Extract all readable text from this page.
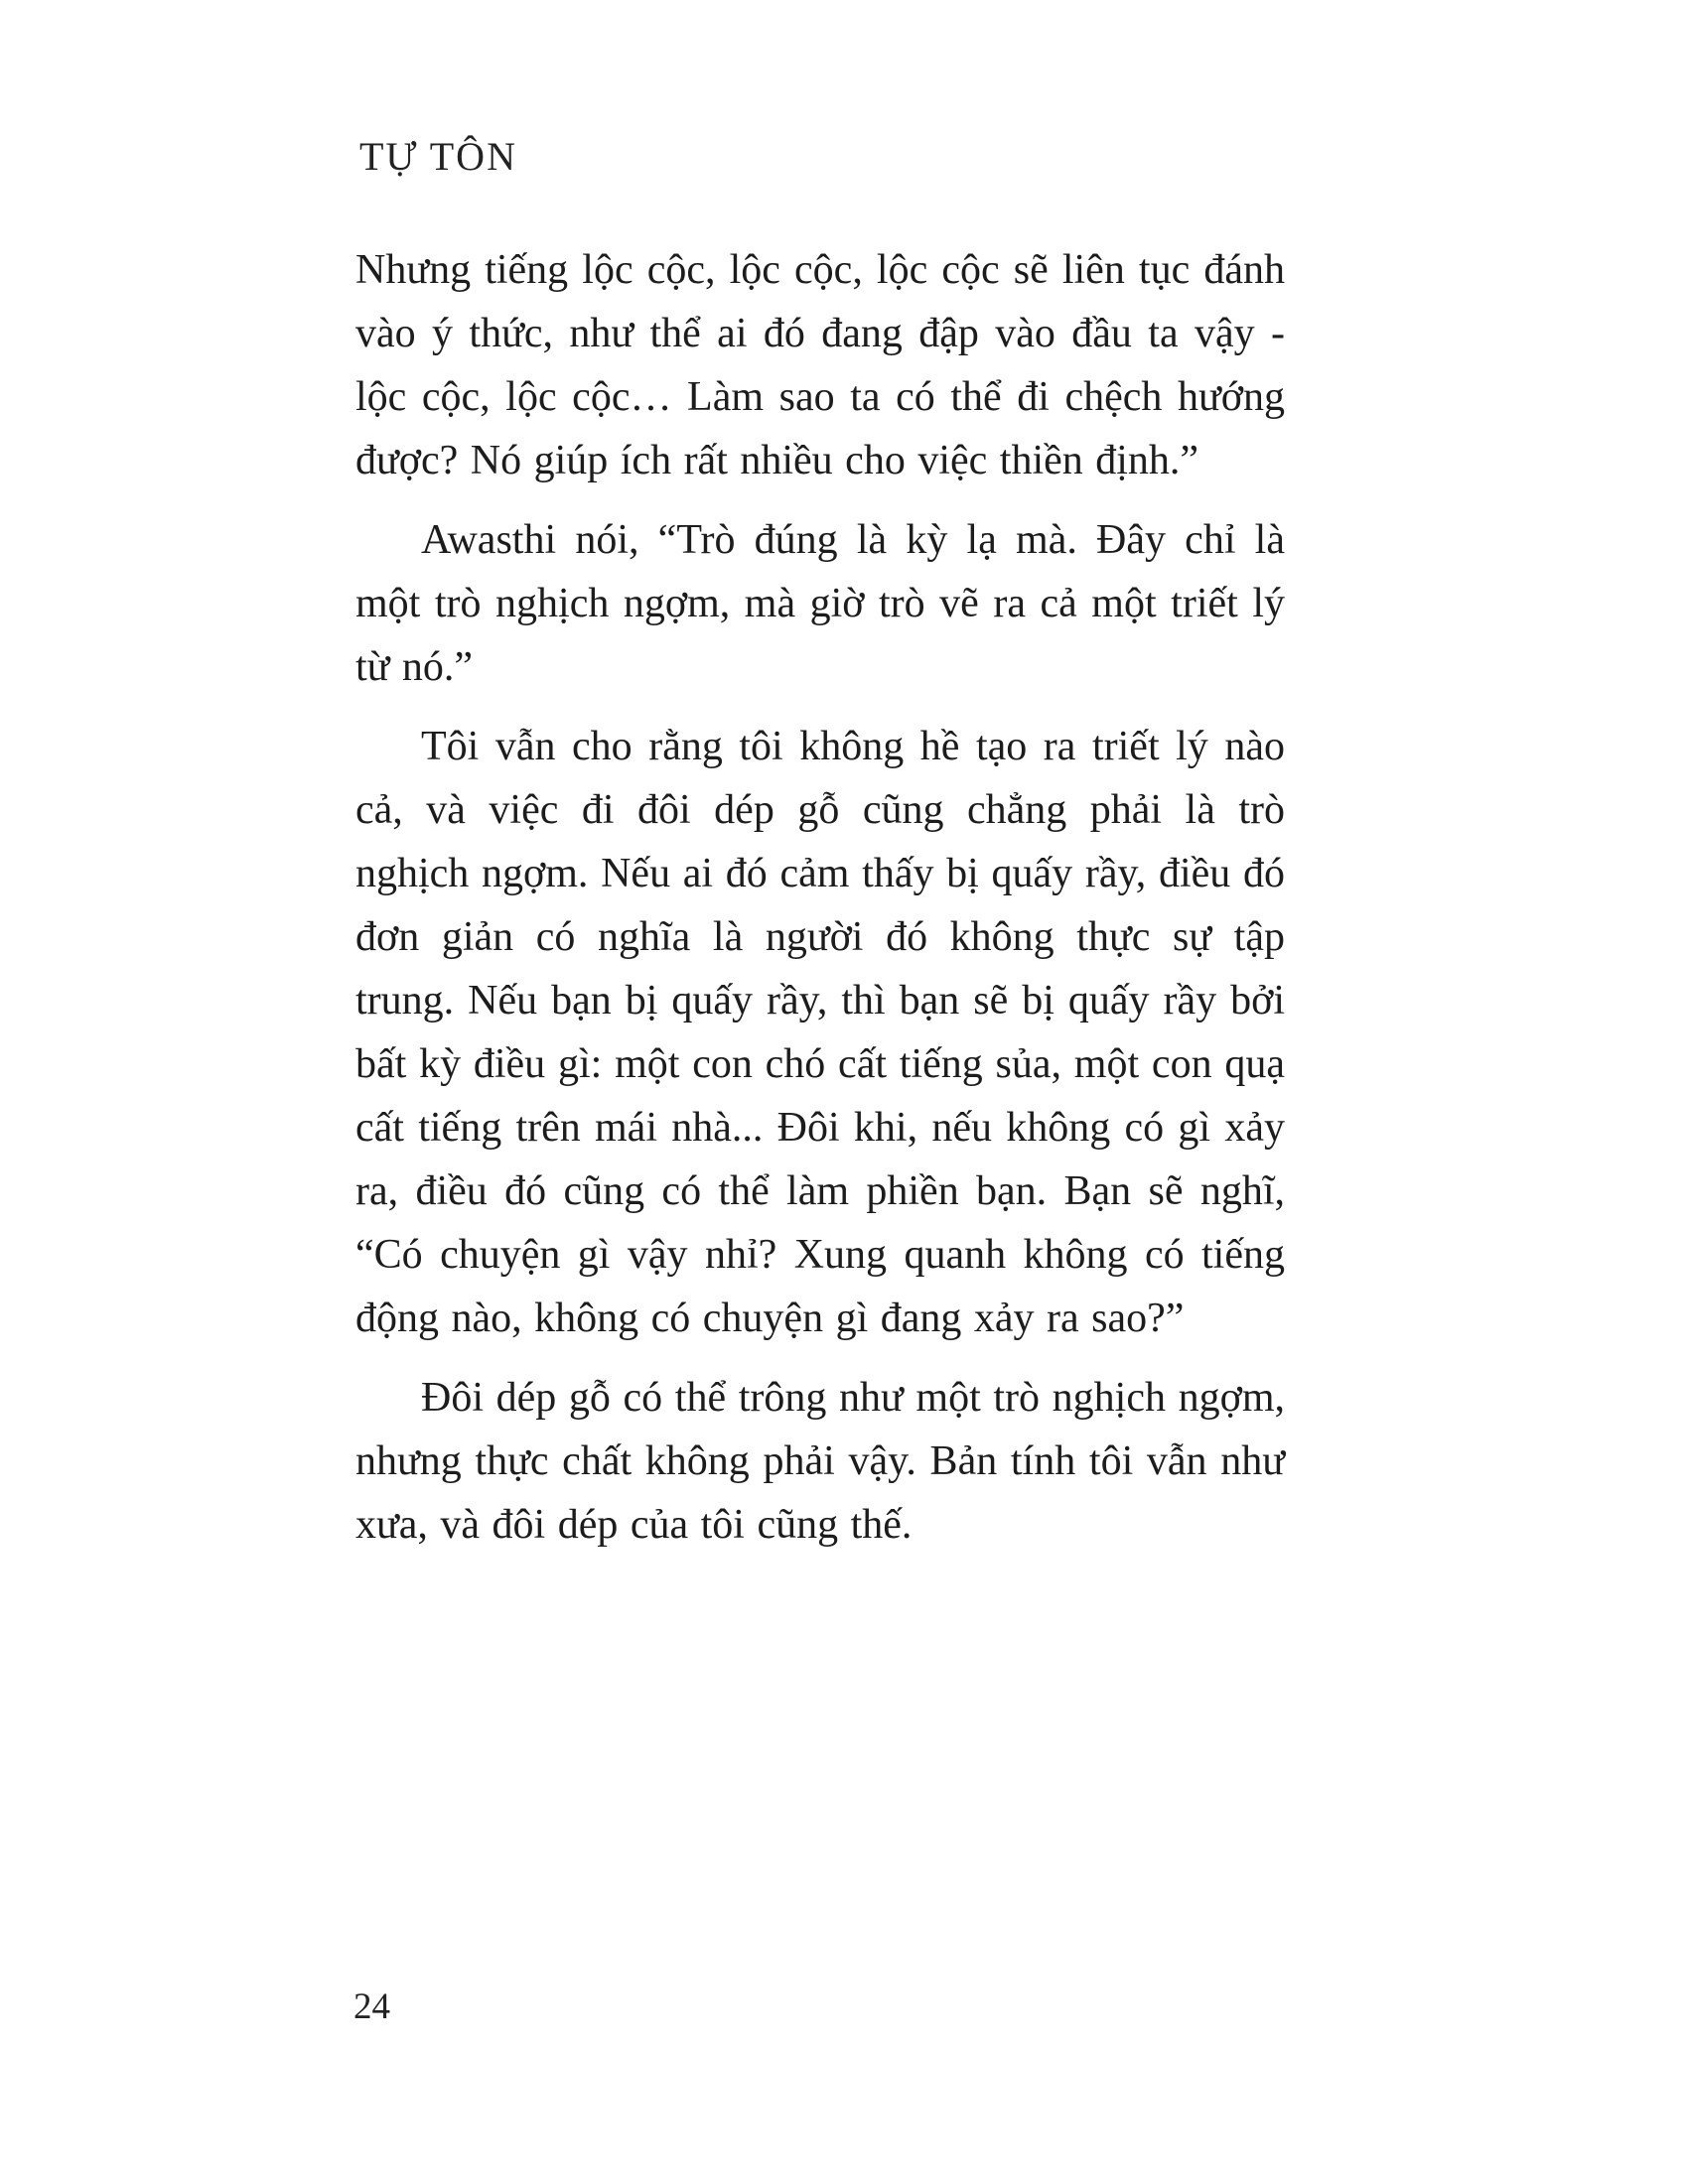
TỰ TÔN

Nhưng tiếng lộc cộc, lộc cộc, lộc cộc sẽ liên tục đánh vào ý thức, như thể ai đó đang đập vào đầu ta vậy - lộc cộc, lộc cộc… Làm sao ta có thể đi chệch hướng được? Nó giúp ích rất nhiều cho việc thiền định.”

Awasthi nói, “Trò đúng là kỳ lạ mà. Đây chỉ là một trò nghịch ngợm, mà giờ trò vẽ ra cả một triết lý từ nó.”

Tôi vẫn cho rằng tôi không hề tạo ra triết lý nào cả, và việc đi đôi dép gỗ cũng chẳng phải là trò nghịch ngợm. Nếu ai đó cảm thấy bị quấy rầy, điều đó đơn giản có nghĩa là người đó không thực sự tập trung. Nếu bạn bị quấy rầy, thì bạn sẽ bị quấy rầy bởi bất kỳ điều gì: một con chó cất tiếng sủa, một con quạ cất tiếng trên mái nhà... Đôi khi, nếu không có gì xảy ra, điều đó cũng có thể làm phiền bạn. Bạn sẽ nghĩ, “Có chuyện gì vậy nhỉ? Xung quanh không có tiếng động nào, không có chuyện gì đang xảy ra sao?”

Đôi dép gỗ có thể trông như một trò nghịch ngợm, nhưng thực chất không phải vậy. Bản tính tôi vẫn như xưa, và đôi dép của tôi cũng thế.

24
